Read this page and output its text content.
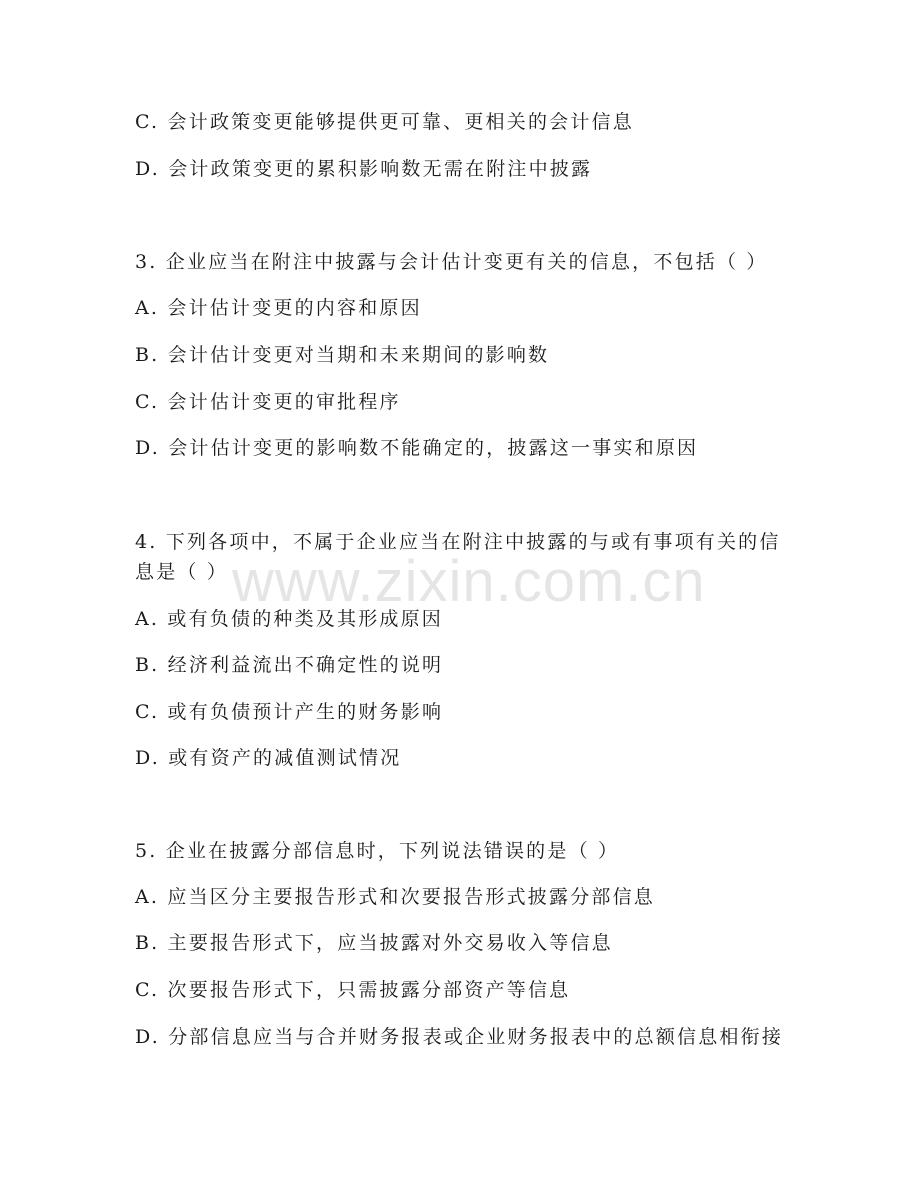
www.zixin.com.cn
C. 会计政策变更能够提供更可靠、更相关的会计信息
D. 会计政策变更的累积影响数无需在附注中披露
3. 企业应当在附注中披露与会计估计变更有关的信息，不包括（ ）
A. 会计估计变更的内容和原因
B. 会计估计变更对当期和未来期间的影响数
C. 会计估计变更的审批程序
D. 会计估计变更的影响数不能确定的，披露这一事实和原因
4. 下列各项中，不属于企业应当在附注中披露的与或有事项有关的信
息是（ ）
A. 或有负债的种类及其形成原因
B. 经济利益流出不确定性的说明
C. 或有负债预计产生的财务影响
D. 或有资产的减值测试情况
5. 企业在披露分部信息时，下列说法错误的是（ ）
A. 应当区分主要报告形式和次要报告形式披露分部信息
B. 主要报告形式下，应当披露对外交易收入等信息
C. 次要报告形式下，只需披露分部资产等信息
D. 分部信息应当与合并财务报表或企业财务报表中的总额信息相衔接
